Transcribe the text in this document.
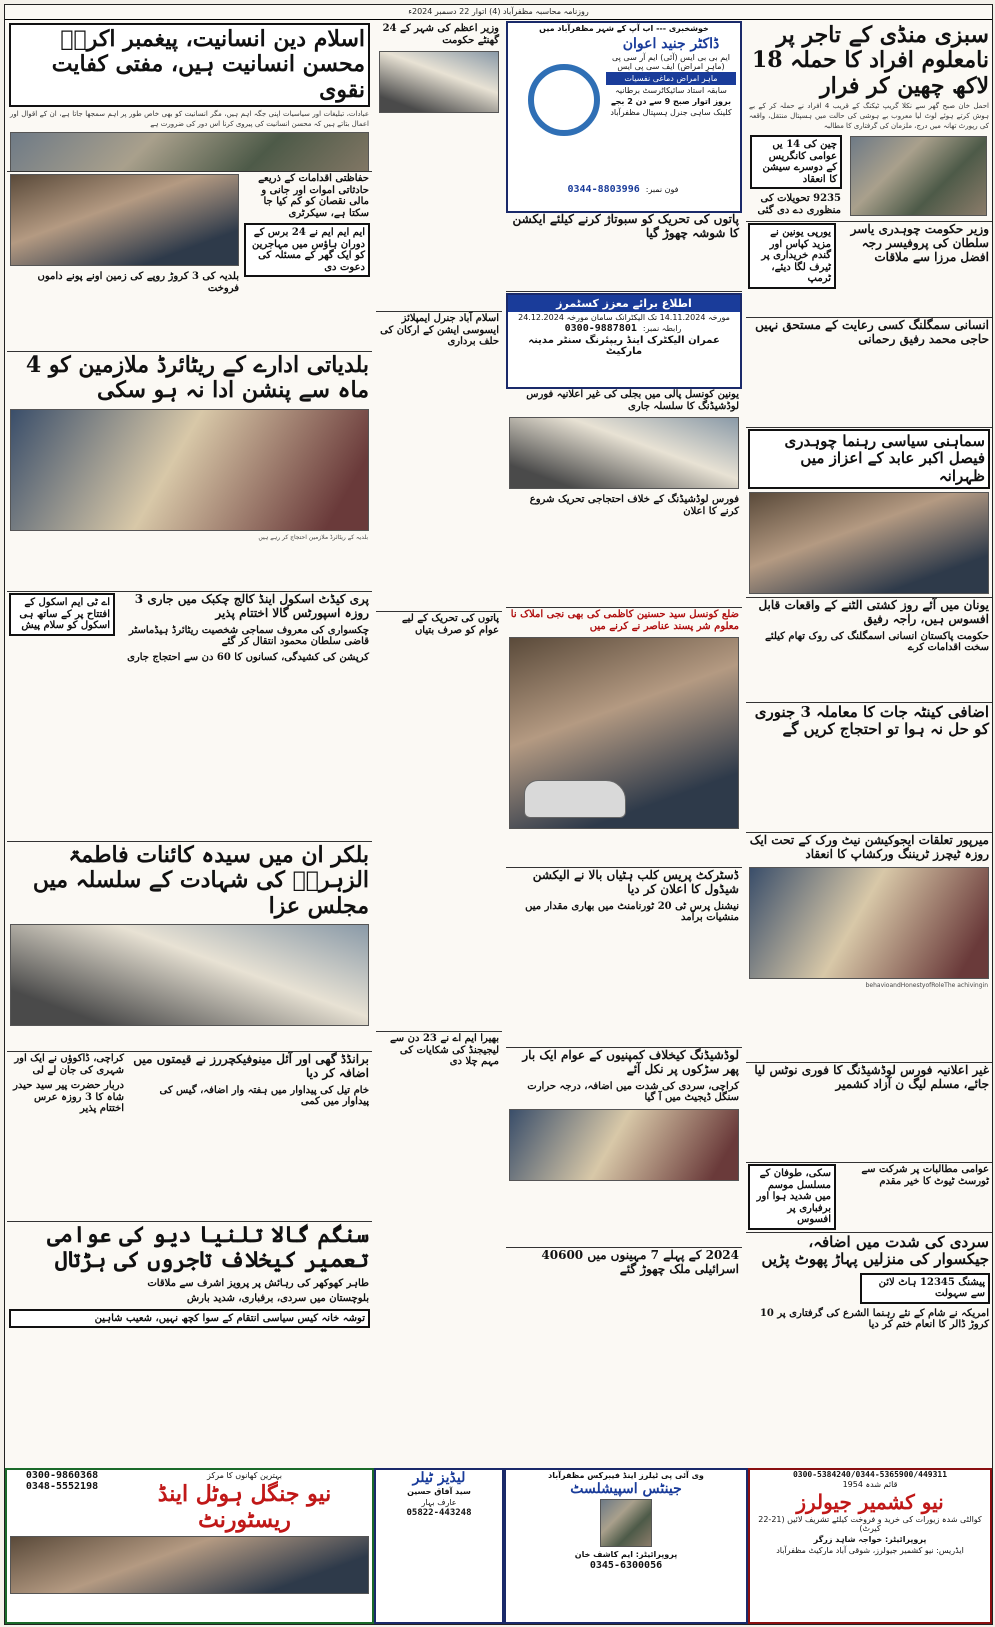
روزنامہ محاسبہ مظفرآباد (4) اتوار 22 دسمبر 2024ء
سبزی منڈی کے تاجر پر نامعلوم افراد کا حملہ 18 لاکھ چھین کر فرار
احمل خان صبح گھر سے نکلا گریپ ٹیکنگ کے قریب 4 افراد نے حملہ کر کے بے ہوش کرتے ہوئے لوٹ لیا معروب بے ہوشی کی حالت میں ہسپتال منتقل، واقعہ کی رپورٹ تھانہ میں درج، ملزمان کی گرفتاری کا مطالبہ
چین کی 14 یں عوامی کانگریس کے دوسرے سیشن کا انعقاد
9235 تحویلات کی منظوری دے دی گئی
وزیر حکومت چوہدری یاسر سلطان کی پروفیسر رجہ افضل مرزا سے ملاقات
یورپی یونین نے مزید کپاس اور گندم خریداری پر ٹیرف لگا دیئے، ٹرمپ
انسانی سمگلنگ کسی رعایت کے مستحق نہیں حاجی محمد رفیق رحمانی
سماہنی سیاسی رہنما چوہدری فیصل اکبر عابد کے اعزاز میں ظہرانہ
یونان میں آئے روز کشتی الٹنے کے واقعات قابل افسوس ہیں، راجہ رفیق
حکومت پاکستان انسانی اسمگلنگ کی روک تھام کیلئے سخت اقدامات کرے
اضافی کینٹہ جات کا معاملہ 3 جنوری کو حل نہ ہوا تو احتجاج کریں گے
میرپور تعلقات ایجوکیشن نیٹ ورک کے تحت ایک روزہ ٹیچرز ٹریننگ ورکشاپ کا انعقاد
behavioandHonestyofRoleThe achivingin
غیر اعلانیہ فورس لوڈشیڈنگ کا فوری نوٹس لیا جائے، مسلم لیگ ن آزاد کشمیر
عوامی مطالبات پر شرکت سے ٹورسٹ ٹیوٹ کا خیر مقدم
سکی، طوفان کے مسلسل موسم میں شدید ہوا اور برفباری پر افسوس
سردی کی شدت میں اضافہ، جیکسوار کی منزلیں پہاڑ پھوٹ پڑیں
پیشنگ 12345 ہاٹ لائن سے سہولت
امریکہ نے شام کے نئے رہنما الشرع کی گرفتاری پر 10 کروڑ ڈالر کا انعام ختم کر دیا
خوشخبری --- اب آپ کے شہر مظفرآباد میں
ڈاکٹر جنید اعوان
ایم بی بی ایس (آئی) ایم آر سی پی (ماہرِ امراض) ایف سی پی ایس
ماہر امراض دماغی نفسیات
سابقہ استاد سائیکاٹرسٹ برطانیہ
بروز اتوار صبح 9 سے دن 2 بجے
کلینک ساہی جنرل ہسپتال مظفرآباد
فون نمبر:
0344-8803996
پاتوں کی تحریک کو سبوتاژ کرنے کیلئے ایکشن کا شوشہ چھوڑ گیا
اطلاع برائے معزز کسٹمرز
مورخہ 14.11.2024 تک الیکٹرانک سامان مورخہ 24.12.2024
رابطہ نمبر:
0300-9887801
عمران الیکٹرک اینڈ ریپئرنگ سنٹر مدینہ مارکیٹ
یونین کونسل پالی میں بجلی کی غیر اعلانیہ فورس لوڈشیڈنگ کا سلسلہ جاری
فورس لوڈشیڈنگ کے خلاف احتجاجی تحریک شروع کرنے کا اعلان
ضلع کونسل سید حسنین کاظمی کی بھی نجی املاک نا معلوم شر پسند عناصر نے کرنے میں
ڈسٹرکٹ پریس کلب ہٹیاں بالا نے الیکشن شیڈول کا اعلان کر دیا
نیشنل پرس ٹی 20 ٹورنامنٹ میں بھاری مقدار میں منشیات برآمد
لوڈشیڈنگ کیخلاف کمپنیوں کے عوام ایک بار پھر سڑکوں پر نکل آئے
کراچی، سردی کی شدت میں اضافہ، درجہ حرارت سنگل ڈیجیٹ میں آ گیا
2024 کے پہلے 7 مہینوں میں 40600 اسرائیلی ملک چھوڑ گئے
وزیر اعظم کی شہر کے 24 گھنٹے حکومت
اسلام آباد جنرل ایمپلائز ایسوسی ایشن کے ارکان کی حلف برداری
پاتوں کی تحریک کے لیے عوام کو صرف بتیاں
بھیرا ایم اے نے 23 دن سے لیجیجنڈ کی شکایات کی مہم چلا دی
اسلام دین انسانیت، پیغمبر اکرمؐ محسن انسانیت ہیں، مفتی کفایت نقوی
عبادات، تبلیغات اور سیاسیات اپنی جگہ اہم ہیں، مگر انسانیت کو بھی خاص طور پر اہم سمجھا جاتا ہے، ان کے اقوال اور اعمال بتاتے ہیں کہ محسن انسانیت کی پیروی کرنا اس دور کی ضرورت ہے
حفاظتی اقدامات کے ذریعے حادثاتی اموات اور جانی و مالی نقصان کو کم کیا جا سکتا ہے، سیکرٹری
ایم ایم ایم نے 24 برس کے دوران ہاؤس میں مہاجرین کو ایک گھر کے مسئلہ کی دعوت دی
بلدیہ کی 3 کروڑ روپے کی زمین اونے پونے داموں فروخت
بلدیاتی ادارے کے ریٹائرڈ ملازمین کو 4 ماہ سے پنشن ادا نہ ہو سکی
بلدیہ کے ریٹائرڈ ملازمین احتجاج کر رہے ہیں
پری کیڈٹ اسکول اینڈ کالج چکبک میں جاری 3 روزہ اسپورٹس گالا اختتام پذیر
چکسواری کی معروف سماجی شخصیت ریٹائرڈ ہیڈماسٹر قاضی سلطان محمود انتقال کر گئے
کرپشن کی کشیدگی، کسانوں کا 60 دن سے احتجاج جاری
اے ٹی ایم اسکول کے افتتاح پر کے ساتھ ہی اسکول کو سلام پیش
بلکر ان میں سیدہ کائنات فاطمۃ الزہراؑ کی شہادت کے سلسلہ میں مجلس عزا
برانڈڈ گھی اور آئل مینوفیکچررز نے قیمتوں میں اضافہ کر دیا
خام تیل کی پیداوار میں ہفتہ وار اضافہ، گیس کی پیداوار میں کمی
کراچی، ڈاکوؤں نے ایک اور شہری کی جان لے لی
دربار حضرت پیر سید حیدر شاہ کا 3 روزہ عرس اختتام پذیر
سنگم گالا تلنیا دیو کی عوامی تعمیر کیخلاف تاجروں کی ہڑتال
طاہر کھوکھر کی رہائش پر پرویز اشرف سے ملاقات
بلوچستان میں سردی، برفباری، شدید بارش
توشہ خانہ کیس سیاسی انتقام کے سوا کچھ نہیں، شعیب شاہین
0300-5384240/0344-5365900/449311
قائم شدہ 1954
نیو کشمیر جیولرز
کوالٹی شدہ زیورات کی خرید و فروخت کیلئے تشریف لائیں (21-22 کیرٹ)
پروپرائیٹر: خواجہ شاہد زرگر
ایڈریس: نیو کشمیر جیولرز، شوقی آباد مارکیٹ مظفرآباد
وی آئی پی ٹیلرز اینڈ فیبرکس مظفرآباد
جینٹس اسپیشلسٹ
پروپرائیٹر: ایم کاشف خان
0345-6300056
لیڈیز ٹیلر
سید آفاق حسین
عارف بہار
05822-443248
بہترین کھانوں کا مرکز
نیو جنگل ہوٹل اینڈ ریسٹورنٹ
0300-9860368
0348-5552198
